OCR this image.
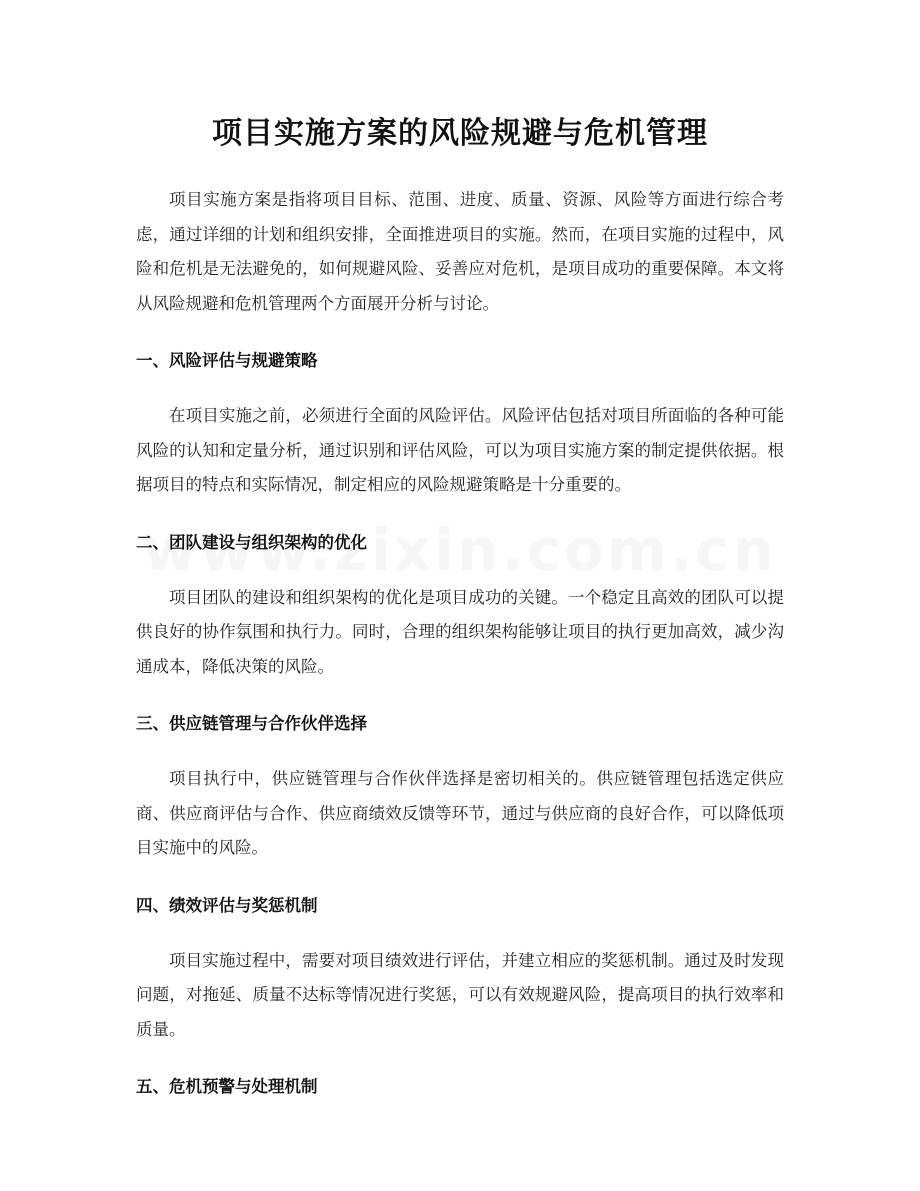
项目实施方案的风险规避与危机管理

项目实施方案是指将项目目标、范围、进度、质量、资源、风险等方面进行综合考虑，通过详细的计划和组织安排，全面推进项目的实施。然而，在项目实施的过程中，风险和危机是无法避免的，如何规避风险、妥善应对危机，是项目成功的重要保障。本文将从风险规避和危机管理两个方面展开分析与讨论。

一、风险评估与规避策略

在项目实施之前，必须进行全面的风险评估。风险评估包括对项目所面临的各种可能风险的认知和定量分析，通过识别和评估风险，可以为项目实施方案的制定提供依据。根据项目的特点和实际情况，制定相应的风险规避策略是十分重要的。

二、团队建设与组织架构的优化

项目团队的建设和组织架构的优化是项目成功的关键。一个稳定且高效的团队可以提供良好的协作氛围和执行力。同时，合理的组织架构能够让项目的执行更加高效，减少沟通成本，降低决策的风险。

三、供应链管理与合作伙伴选择

项目执行中，供应链管理与合作伙伴选择是密切相关的。供应链管理包括选定供应商、供应商评估与合作、供应商绩效反馈等环节，通过与供应商的良好合作，可以降低项目实施中的风险。

四、绩效评估与奖惩机制

项目实施过程中，需要对项目绩效进行评估，并建立相应的奖惩机制。通过及时发现问题，对拖延、质量不达标等情况进行奖惩，可以有效规避风险，提高项目的执行效率和质量。

五、危机预警与处理机制
